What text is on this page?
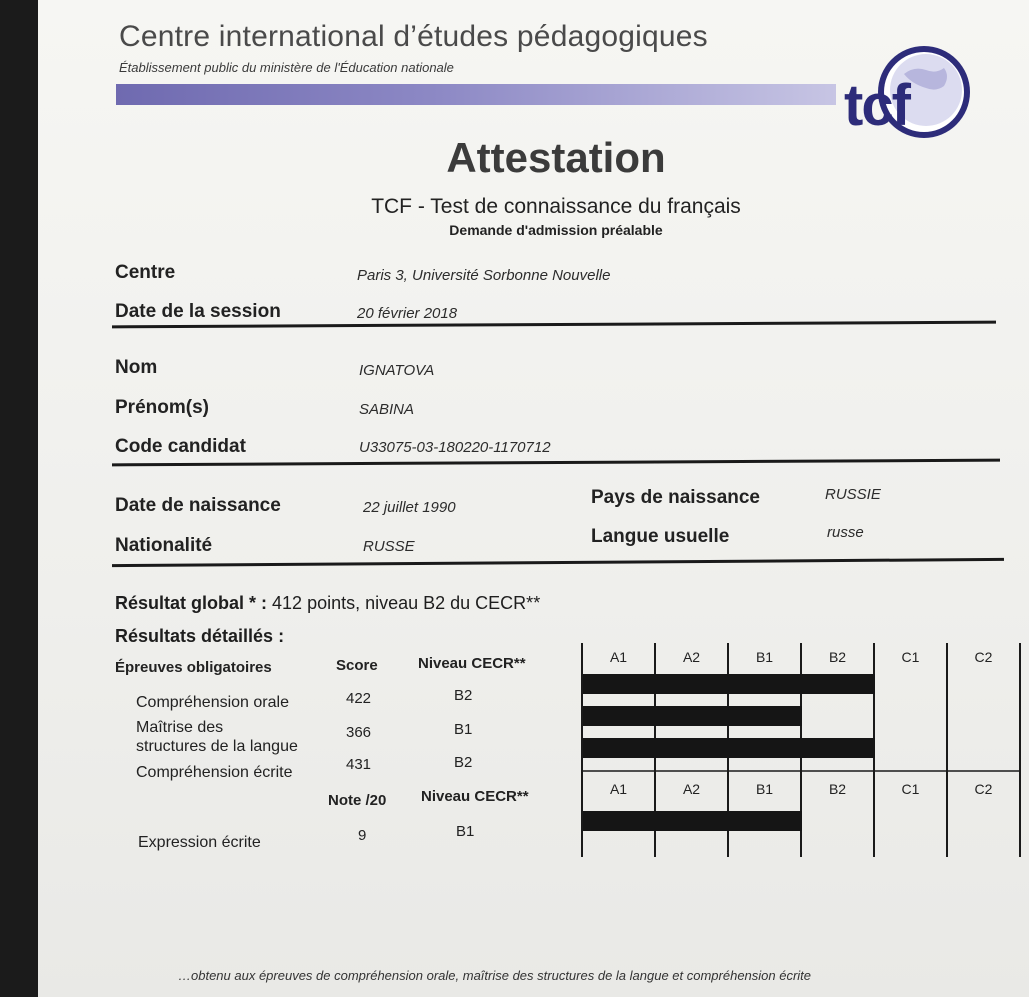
Centre international d’études pédagogiques
Établissement public du ministère de l'Éducation nationale
tcf
Attestation
TCF - Test de connaissance du français
Demande d'admission préalable
Centre	Paris 3, Université Sorbonne Nouvelle
Date de la session	20 février 2018
Nom	IGNATOVA
Prénom(s)	SABINA
Code candidat	U33075-03-180220-1170712
Date de naissance	22 juillet 1990
Nationalité	RUSSE
Pays de naissance	RUSSIE
Langue usuelle	russe
Résultat global * : 412 points, niveau B2 du CECR**
Résultats détaillés :
Épreuves obligatoires	Score	Niveau CECR**
Compréhension orale	422	B2
Maîtrise des
structures de la langue
366	B1
Compréhension écrite	431	B2
Note /20 Niveau CECR**
Expression écrite	9	B1
A1	A2	B1	B2	C1	C2
A1	A2	B1	B2	C1	C2
…obtenu aux épreuves de compréhension orale, maîtrise des structures de la langue et compréhension écrite
